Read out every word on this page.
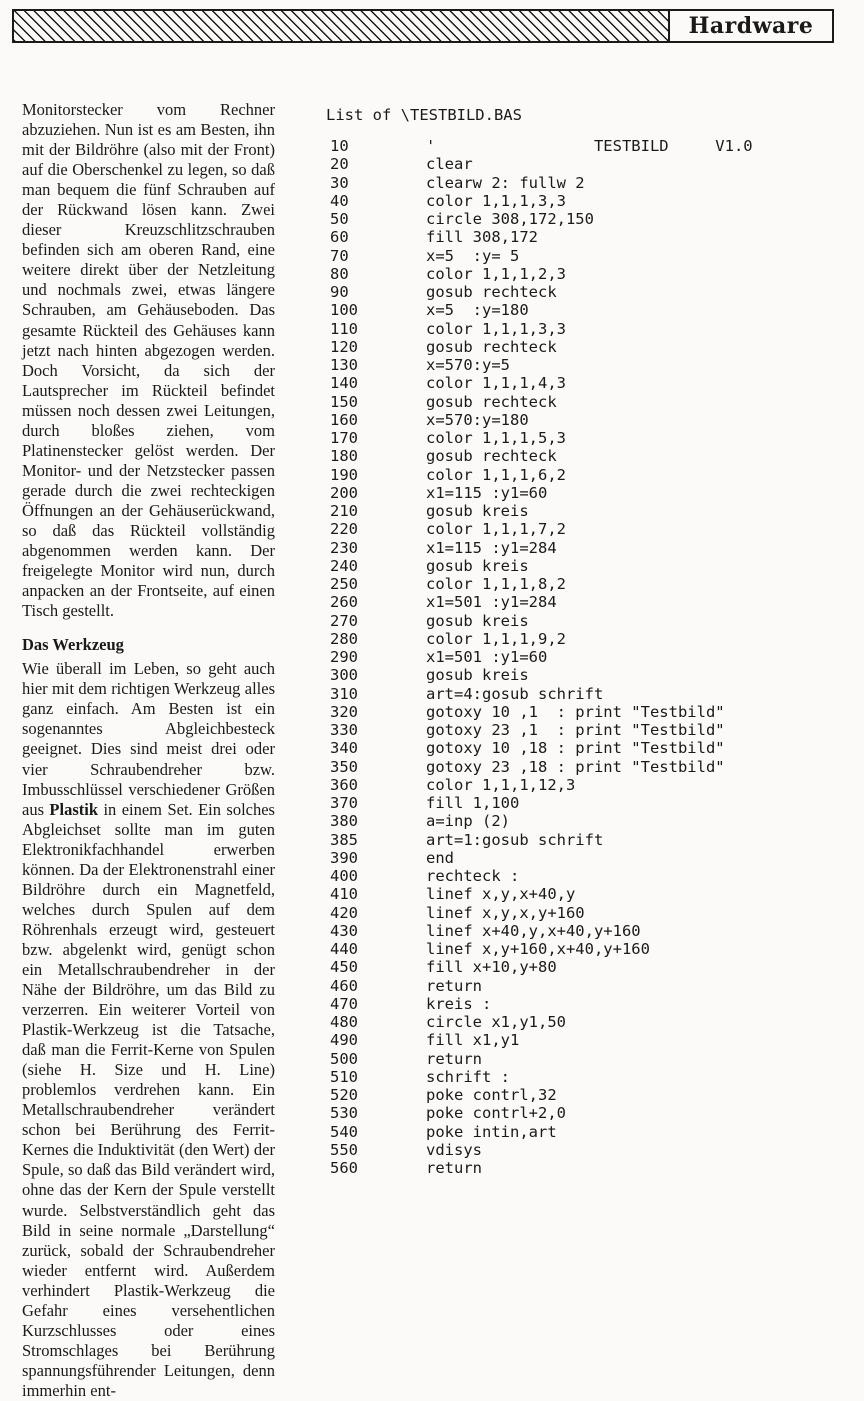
Hardware

Monitorstecker vom Rechner abzuziehen. Nun ist es am Besten, ihn mit der Bildröhre (also mit der Front) auf die Oberschenkel zu legen, so daß man bequem die fünf Schrauben auf der Rückwand lösen kann. Zwei dieser Kreuzschlitzschrauben befinden sich am oberen Rand, eine weitere direkt über der Netzleitung und nochmals zwei, etwas längere Schrauben, am Gehäuseboden. Das gesamte Rückteil des Gehäuses kann jetzt nach hinten abgezogen werden. Doch Vorsicht, da sich der Lautsprecher im Rückteil befindet müssen noch dessen zwei Leitungen, durch bloßes ziehen, vom Platinenstecker gelöst werden. Der Monitor- und der Netzstecker passen gerade durch die zwei rechteckigen Öffnungen an der Gehäuserückwand, so daß das Rückteil vollständig abgenommen werden kann. Der freigelegte Monitor wird nun, durch anpacken an der Frontseite, auf einen Tisch gestellt.

Das Werkzeug

Wie überall im Leben, so geht auch hier mit dem richtigen Werkzeug alles ganz einfach. Am Besten ist ein sogenanntes Abgleichbesteck geeignet. Dies sind meist drei oder vier Schraubendreher bzw. Imbusschlüssel verschiedener Größen aus Plastik in einem Set. Ein solches Abgleichset sollte man im guten Elektronikfachhandel erwerben können. Da der Elektronenstrahl einer Bildröhre durch ein Magnetfeld, welches durch Spulen auf dem Röhrenhals erzeugt wird, gesteuert bzw. abgelenkt wird, genügt schon ein Metallschraubendreher in der Nähe der Bildröhre, um das Bild zu verzerren. Ein weiterer Vorteil von Plastik-Werkzeug ist die Tatsache, daß man die Ferrit-Kerne von Spulen (siehe H. Size und H. Line) problemlos verdrehen kann. Ein Metallschraubendreher verändert schon bei Berührung des Ferrit-Kernes die Induktivität (den Wert) der Spule, so daß das Bild verändert wird, ohne das der Kern der Spule verstellt wurde. Selbstverständlich geht das Bild in seine normale „Darstellung“ zurück, sobald der Schraubendreher wieder entfernt wird. Außerdem verhindert Plastik-Werkzeug die Gefahr eines versehentlichen Kurzschlusses oder eines Stromschlages bei Berührung spannungsführender Leitungen, denn immerhin ent-

List of \TESTBILD.BAS
10	'                 TESTBILD     V1.0
20	clear
30	clearw 2: fullw 2
40	color 1,1,1,3,3
50	circle 308,172,150
60	fill 308,172
70	x=5  :y= 5
80	color 1,1,1,2,3
90	gosub rechteck
100	x=5  :y=180
110	color 1,1,1,3,3
120	gosub rechteck
130	x=570:y=5
140	color 1,1,1,4,3
150	gosub rechteck
160	x=570:y=180
170	color 1,1,1,5,3
180	gosub rechteck
190	color 1,1,1,6,2
200	x1=115 :y1=60
210	gosub kreis
220	color 1,1,1,7,2
230	x1=115 :y1=284
240	gosub kreis
250	color 1,1,1,8,2
260	x1=501 :y1=284
270	gosub kreis
280	color 1,1,1,9,2
290	x1=501 :y1=60
300	gosub kreis
310	art=4:gosub schrift
320	gotoxy 10 ,1  : print "Testbild"
330	gotoxy 23 ,1  : print "Testbild"
340	gotoxy 10 ,18 : print "Testbild"
350	gotoxy 23 ,18 : print "Testbild"
360	color 1,1,1,12,3
370	fill 1,100
380	a=inp (2)
385	art=1:gosub schrift
390	end
400	rechteck :
410	linef x,y,x+40,y
420	linef x,y,x,y+160
430	linef x+40,y,x+40,y+160
440	linef x,y+160,x+40,y+160
450	fill x+10,y+80
460	return
470	kreis :
480	circle x1,y1,50
490	fill x1,y1
500	return
510	schrift :
520	poke contrl,32
530	poke contrl+2,0
540	poke intin,art
550	vdisys
560	return
